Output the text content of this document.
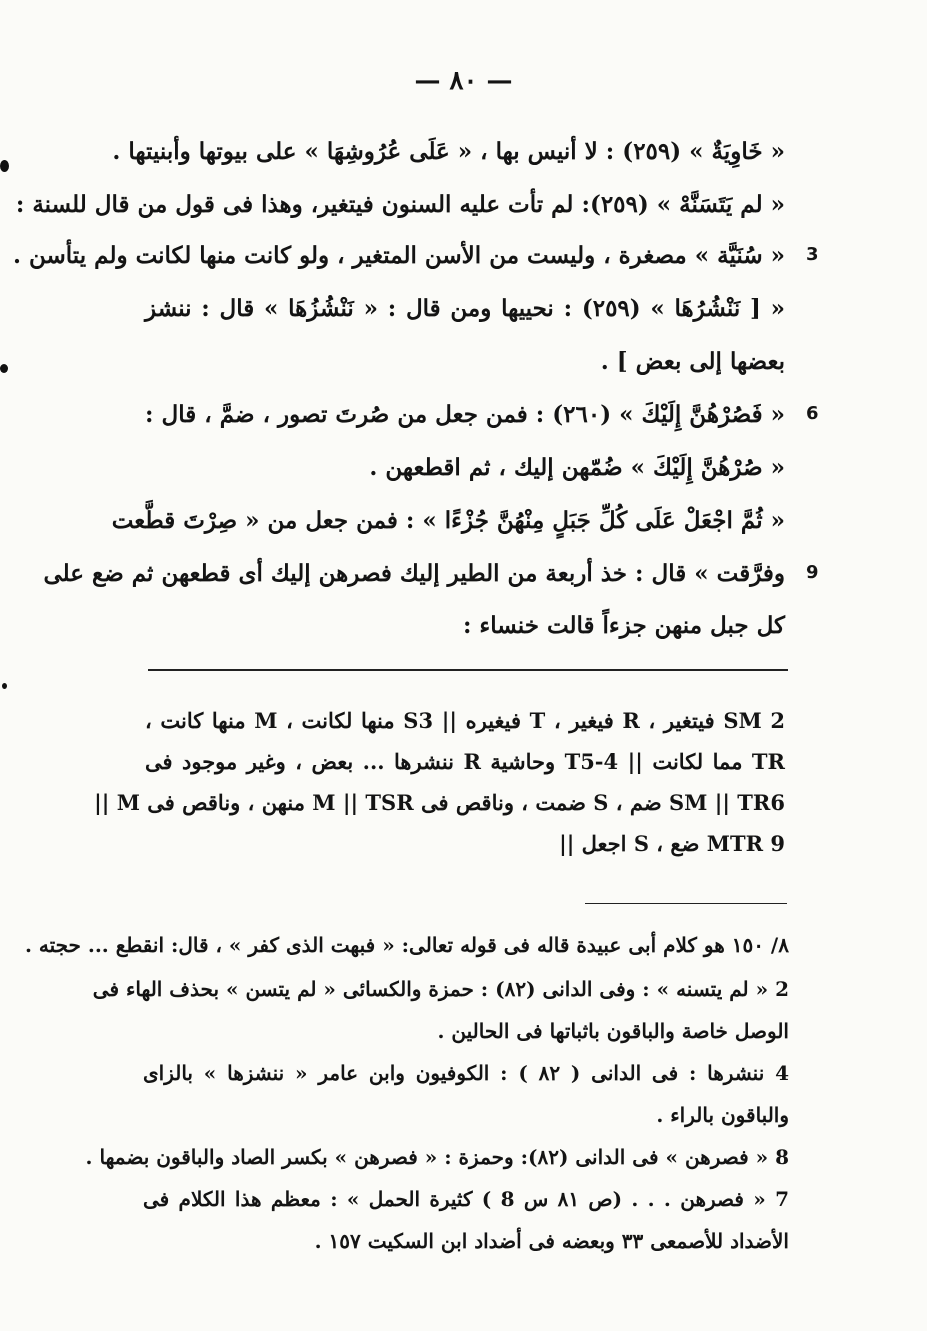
— ٨٠ —
« خَاوِيَةٌ » (٢٥٩) : لا أنيس بها ، « عَلَى عُرُوشِهَا » على بيوتها وأبنيتها .
« لم يَتَسَنَّهْ » (٢٥٩): لم تأت عليه السنون فيتغير، وهذا فى قول من قال للسنة :
« سُنَيَّة » مصغرة ، وليست من الأسن المتغير ، ولو كانت منها لكانت ولم يتأسن .
« [ نَنْشُرُهَا » (٢٥٩) : نحييها ومن قال : « نَنْشُزُهَا » قال : ننشز
بعضها إلى بعض ] .
« فَصُرْهُنَّ إِلَيْكَ » (٢٦٠) : فمن جعل من صُرتَ تصور ، ضمَّ ، قال :
« صُرْهُنَّ إِلَيْكَ » ضُمّهن إليك ، ثم اقطعهن .
« ثُمَّ اجْعَلْ عَلَى كُلِّ جَبَلٍ مِنْهُنَّ جُزْءًا » : فمن جعل من « صِرْتَ قطَّعت
وفرَّقت » قال : خذ أربعة من الطير إليك فصرهن إليك أى قطعهن ثم ضع على
كل جبل منهن جزءاً قالت خنساء :
3
6
9
2 SM فيتغير ، R فيغير ، T فيغيره || S3 منها لكانت ، M منها كانت ،
TR مما لكانت || T5-4 وحاشية R ننشرها ... بعض ، وغير موجود فى
SM || TR6 ضم ، S ضمت ، وناقص فى M || TSR منهن ، وناقص فى M ||
9 MTR ضع ، S اجعل ||
٨/ ١٥٠ هو كلام أبى عبيدة قاله فى قوله تعالى: « فبهت الذى كفر » ، قال: انقطع ... حجته .
2 « لم يتسنه » : وفى الدانى (٨٢) : حمزة والكسائى « لم يتسن » بحذف الهاء فى
الوصل خاصة والباقون باثباتها فى الحالين .
4 ننشرها : فى الدانى ( ٨٢ ) : الكوفيون وابن عامر « ننشزها » بالزاى
والباقون بالراء .
8 « فصرهن » فى الدانى (٨٢): وحمزة : « فصرهن » بكسر الصاد والباقون بضمها .
7 « فصرهن . . . (ص ٨١ س 8 ) كثيرة الحمل » : معظم هذا الكلام فى
الأضداد للأصمعى ٣٣ وبعضه فى أضداد ابن السكيت ١٥٧ .
